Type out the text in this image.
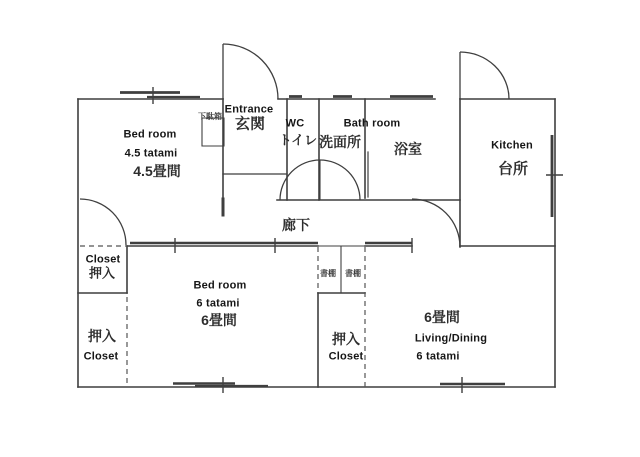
Bed room
4.5 tatami
4.5畳間
下駄箱
Entrance
玄関 WC
トイレ 洗面所
Bath room
浴室	Kitchen
台所
廊下
Closet
押入
押入
Closet
Bed room
6 tatami
6畳間
書棚 書棚
押入
Closet
6畳間
Living/Dining
6 tatami
